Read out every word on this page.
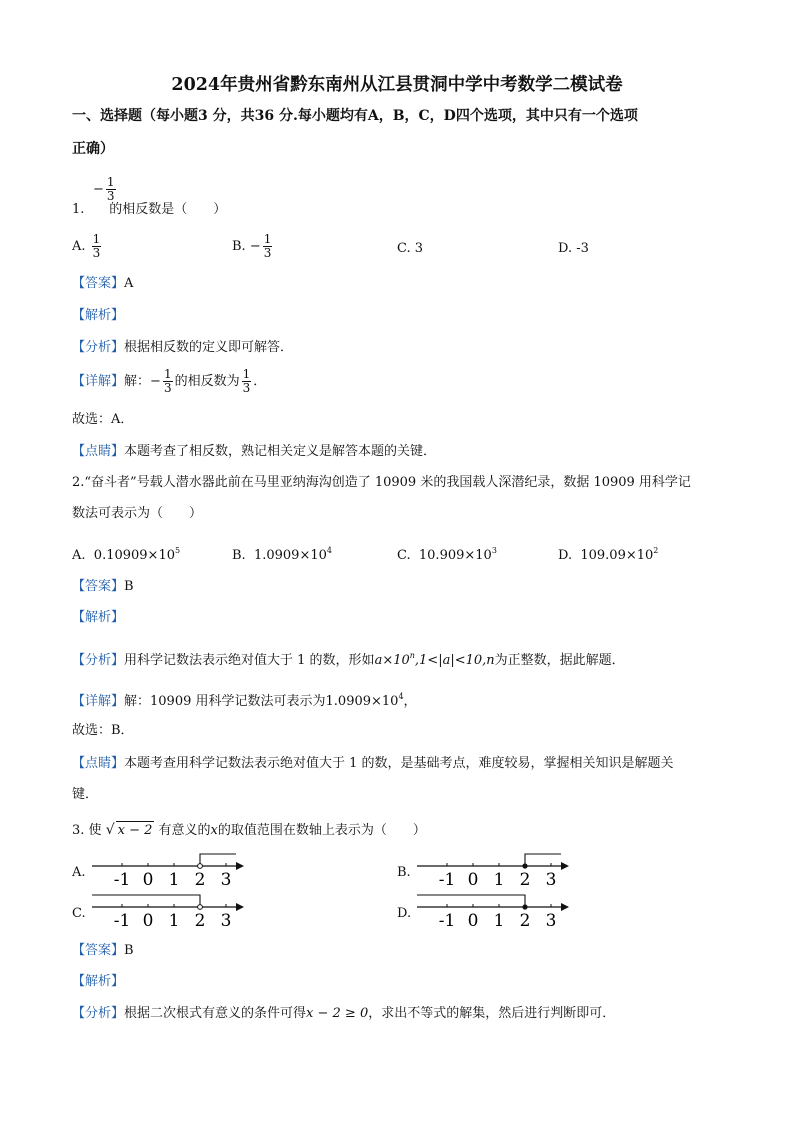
2024年贵州省黔东南州从江县贯洞中学中考数学二模试卷
一、选择题（每小题3 分，共36 分.每小题均有A，B，C，D四个选项，其中只有一个选项
正确）
− $\frac{1}{3}$
1. 的相反数是（　　）
A. $\frac{1}{3}$	B. − $\frac{1}{3}$	C. 3	D. -3
【答案】A
【解析】
【分析】根据相反数的定义即可解答．
【详解】解：− $\frac{1}{3}$ 的相反数为 $\frac{1}{3}$ ．
故选：A．
【点睛】本题考查了相反数，熟记相关定义是解答本题的关键．
2.“奋斗者”号载人潜水器此前在马里亚纳海沟创造了 10909 米的我国载人深潜纪录，数据 10909 用科学记
数法可表示为（　　）
A. $0.10909\times 10^5$	B. $1.0909\times 10^4$	C. $10.909\times 10^3$	D. $109.09\times 10^2$
【答案】B
【解析】
【分析】用科学记数法表示绝对值大于 1 的数，形如$a\times 10^n,1<|a|<10,n$为正整数，据此解题．
【详解】解：10909 用科学记数法可表示为$1.0909\times 10^4$，
故选：B．
【点睛】本题考查用科学记数法表示绝对值大于 1 的数，是基础考点，难度较易，掌握相关知识是解题关
键．
3. 使 √ x − 2 有意义的x的取值范围在数轴上表示为（　　）
A.	B.
C.	D.
-1 0 1 2 3	-1 0 1 2 3
-1 0 1 2 3	-1 0 1 2 3
【答案】B
【解析】
【分析】根据二次根式有意义的条件可得x − 2 ≥ 0，求出不等式的解集，然后进行判断即可．
